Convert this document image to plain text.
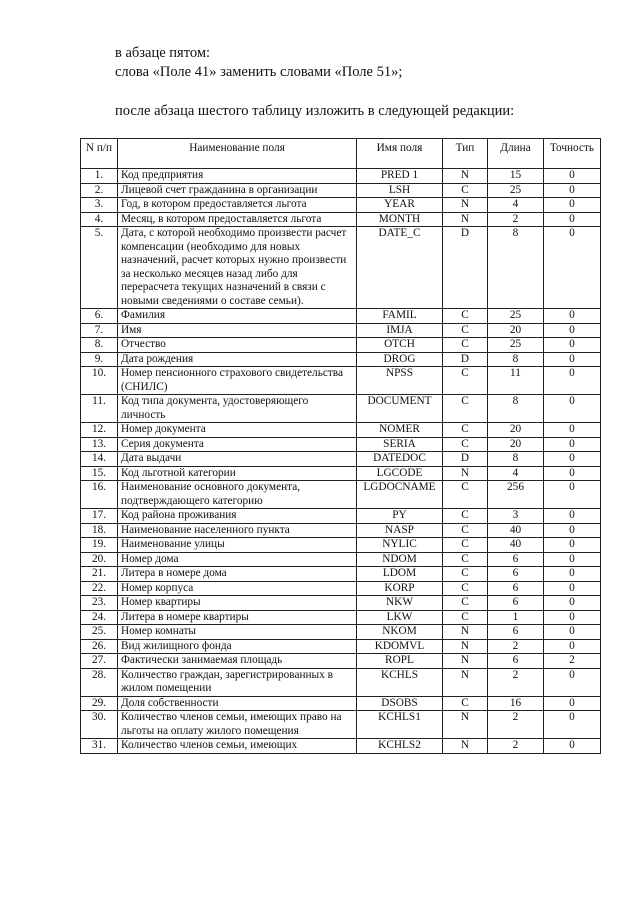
в абзаце пятом:

слова «Поле 41» заменить словами «Поле 51»;

после абзаца шестого таблицу изложить в следующей редакции:

N п/п	Наименование поля	Имя поля	Тип	Длина	Точность
1.	Код предприятия	PRED 1	N	15	0
2.	Лицевой счет гражданина в организации	LSH	C	25	0
3.	Год, в котором предоставляется льгота	YEAR	N	4	0
4.	Месяц, в котором предоставляется льгота	MONTH	N	2	0
5.	Дата, с которой необходимо произвести расчет компенсации (необходимо для новых назначений, расчет которых нужно произвести за несколько месяцев назад либо для перерасчета текущих назначений в связи с новыми сведениями о составе семьи).	DATE_C	D	8	0
6.	Фамилия	FAMIL	C	25	0
7.	Имя	IMJA	C	20	0
8.	Отчество	OTCH	C	25	0
9.	Дата рождения	DROG	D	8	0
10.	Номер пенсионного страхового свидетельства (СНИЛС)	NPSS	C	11	0
11.	Код типа документа, удостоверяющего личность	DOCUMENT	C	8	0
12.	Номер документа	NOMER	C	20	0
13.	Серия документа	SERIA	C	20	0
14.	Дата выдачи	DATEDOC	D	8	0
15.	Код льготной категории	LGCODE	N	4	0
16.	Наименование основного документа, подтверждающего категорию	LGDOCNAME	C	256	0
17.	Код района проживания	PY	C	3	0
18.	Наименование населенного пункта	NASP	C	40	0
19.	Наименование улицы	NYLIC	C	40	0
20.	Номер дома	NDOM	C	6	0
21.	Литера в номере дома	LDOM	C	6	0
22.	Номер корпуса	KORP	C	6	0
23.	Номер квартиры	NKW	C	6	0
24.	Литера в номере квартиры	LKW	C	1	0
25.	Номер комнаты	NKOM	N	6	0
26.	Вид жилищного фонда	KDOMVL	N	2	0
27.	Фактически занимаемая площадь	ROPL	N	6	2
28.	Количество граждан, зарегистрированных в жилом помещении	KCHLS	N	2	0
29.	Доля собственности	DSOBS	C	16	0
30.	Количество членов семьи, имеющих право на льготы на оплату жилого помещения	KCHLS1	N	2	0
31.	Количество членов семьи, имеющих	KCHLS2	N	2	0
